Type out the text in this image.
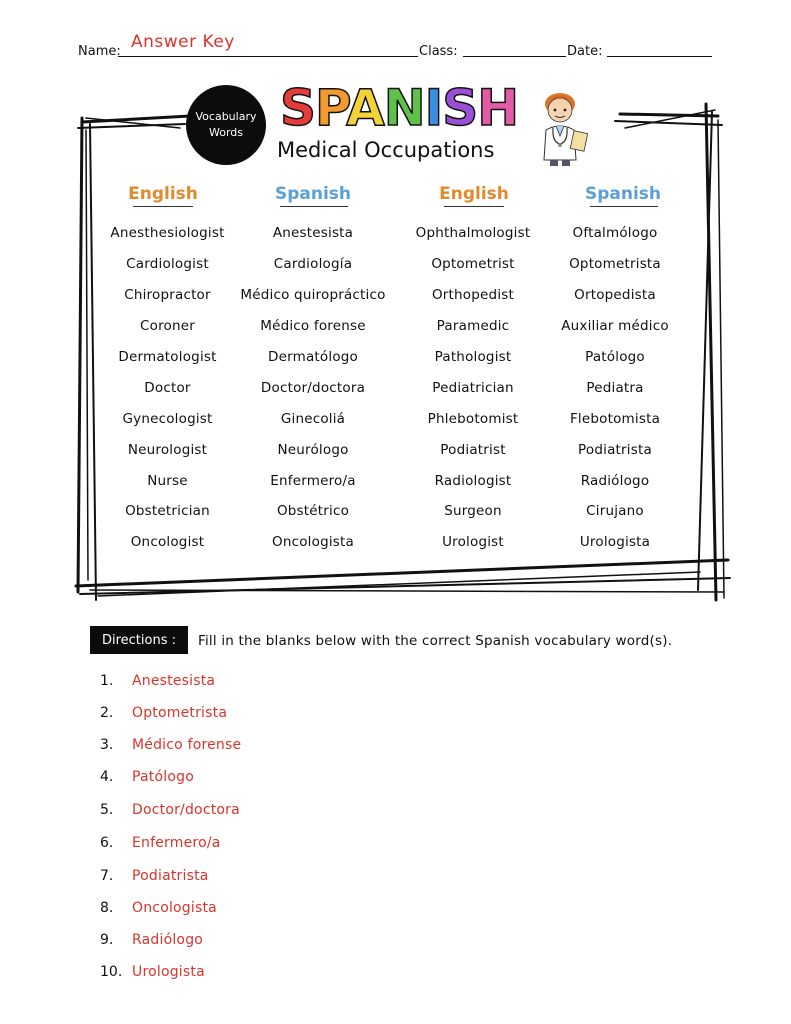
Answer Key
Name:	Class:	Date:
Vocabulary
Words SPANISH
Medical Occupations
English	Spanish	English	Spanish
Anesthesiologist	Anestesista	Ophthalmologist	Oftalmólogo
Cardiologist	Cardiología	Optometrist	Optometrista
Chiropractor	Médico quiropráctico	Orthopedist	Ortopedista
Coroner	Médico forense	Paramedic	Auxiliar médico
Dermatologist	Dermatólogo	Pathologist	Patólogo
Doctor	Doctor/doctora	Pediatrician	Pediatra
Gynecologist	Ginecoliá	Phlebotomist	Flebotomista
Neurologist	Neurólogo	Podiatrist	Podiatrista
Nurse	Enfermero/a	Radiologist	Radiólogo
Obstetrician	Obstétrico	Surgeon	Cirujano
Oncologist	Oncologista	Urologist	Urologista
Directions :	Fill in the blanks below with the correct Spanish vocabulary word(s).
1. Anestesista
2. Optometrista
3. Médico forense
4. Patólogo
5. Doctor/doctora
6. Enfermero/a
7. Podiatrista
8. Oncologista
9. Radiólogo
10. Urologista
